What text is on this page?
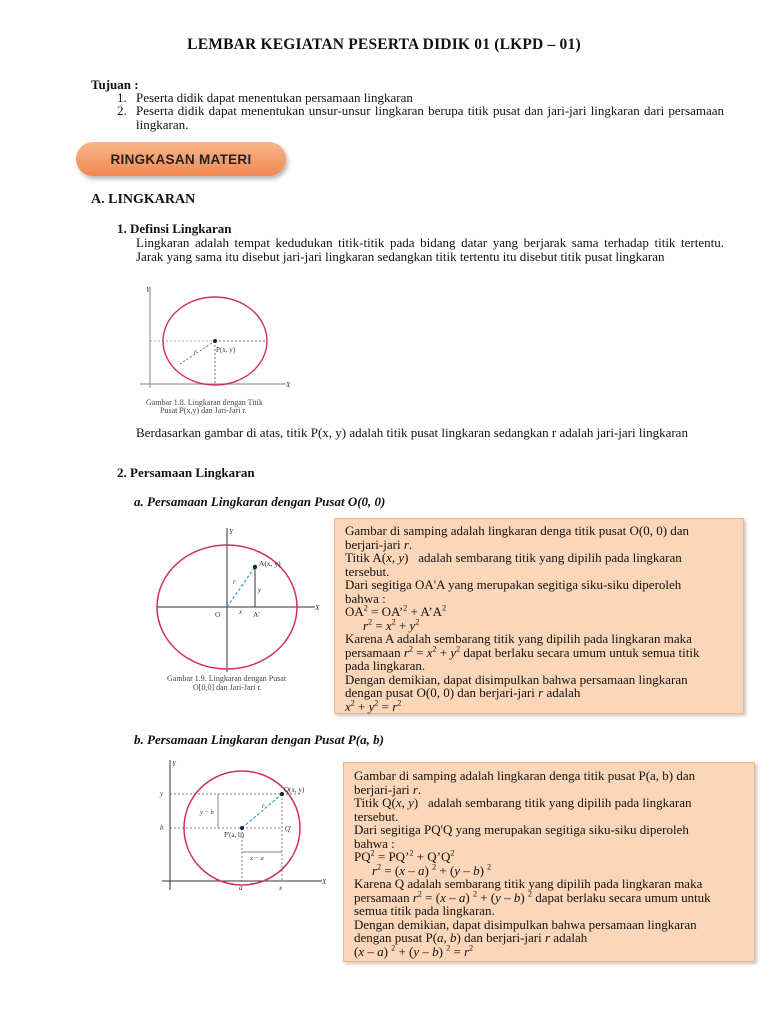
LEMBAR KEGIATAN PESERTA DIDIK 01 (LKPD – 01)
Tujuan :
1. Peserta didik dapat menentukan persamaan lingkaran
2. Peserta didik dapat menentukan unsur-unsur lingkaran berupa titik pusat dan jari-jari lingkaran dari persamaan lingkaran.
RINGKASAN MATERI
A. LINGKARAN
1. Definsi Lingkaran
Lingkaran adalah tempat kedudukan titik-titik pada bidang datar yang berjarak sama terhadap titik tertentu. Jarak yang sama itu disebut jari-jari lingkaran sedangkan titik tertentu itu disebut titik pusat lingkaran
P(x, y)
r
X
Y
Gambar 1.8. Lingkaran dengan Titik
Pusat P(x,y) dan Jari-Jari r.
Berdasarkan gambar di atas, titik P(x, y) adalah titik pusat lingkaran sedangkan r adalah jari-jari lingkaran
2. Persamaan Lingkaran
a. Persamaan Lingkaran dengan Pusat O(0, 0)
A(x, y)
O	A'
X
Y
r
x
y
Gambar 1.9. Lingkaran dengan Pusat
O[0,0] dan Jari-Jari r.
Gambar di samping adalah lingkaran denga titik pusat O(0, 0) dan
berjari-jari r.
Titik A(x, y)   adalah sembarang titik yang dipilih pada lingkaran
tersebut.
Dari segitiga OA'A yang merupakan segitiga siku-siku diperoleh
bahwa :
$OA^2$ = OA’$^2$ + $A’A^2$
$r^2 = x^2 + y^2$
Karena A adalah sembarang titik yang dipilih pada lingkaran maka
persamaan $r^2 = x^2 + y^2$ dapat berlaku secara umum untuk semua titik
pada lingkaran.
Dengan demikian, dapat disimpulkan bahwa persamaan lingkaran
dengan pusat O(0, 0) dan berjari-jari r adalah
$x^2 + y^2 = r^2$
b. Persamaan Lingkaran dengan Pusat P(a, b)
Q(x, y)
P'(a, b)
Q'
y
b
a	x
y − b
x − a
r
X
Y
Gambar di samping adalah lingkaran denga titik pusat P(a, b) dan
berjari-jari r.
Titik Q(x, y)   adalah sembarang titik yang dipilih pada lingkaran
tersebut.
Dari segitiga PQ'Q yang merupakan segitiga siku-siku diperoleh
bahwa :
$PQ^2$ = PQ’$^2$ + $Q’Q^2$
$r^2 = (x - a) ^2 + (y - b)$ $^2$
Karena Q adalah sembarang titik yang dipilih pada lingkaran maka
persamaan $r^2 = (x - a) ^2 + (y - b)$ $^2$ dapat berlaku secara umum untuk
semua titik pada lingkaran.
Dengan demikian, dapat disimpulkan bahwa persamaan lingkaran
dengan pusat P(a, b) dan berjari-jari r adalah
(x – a) $^2$ + (y – b) $^2 = r^2$
